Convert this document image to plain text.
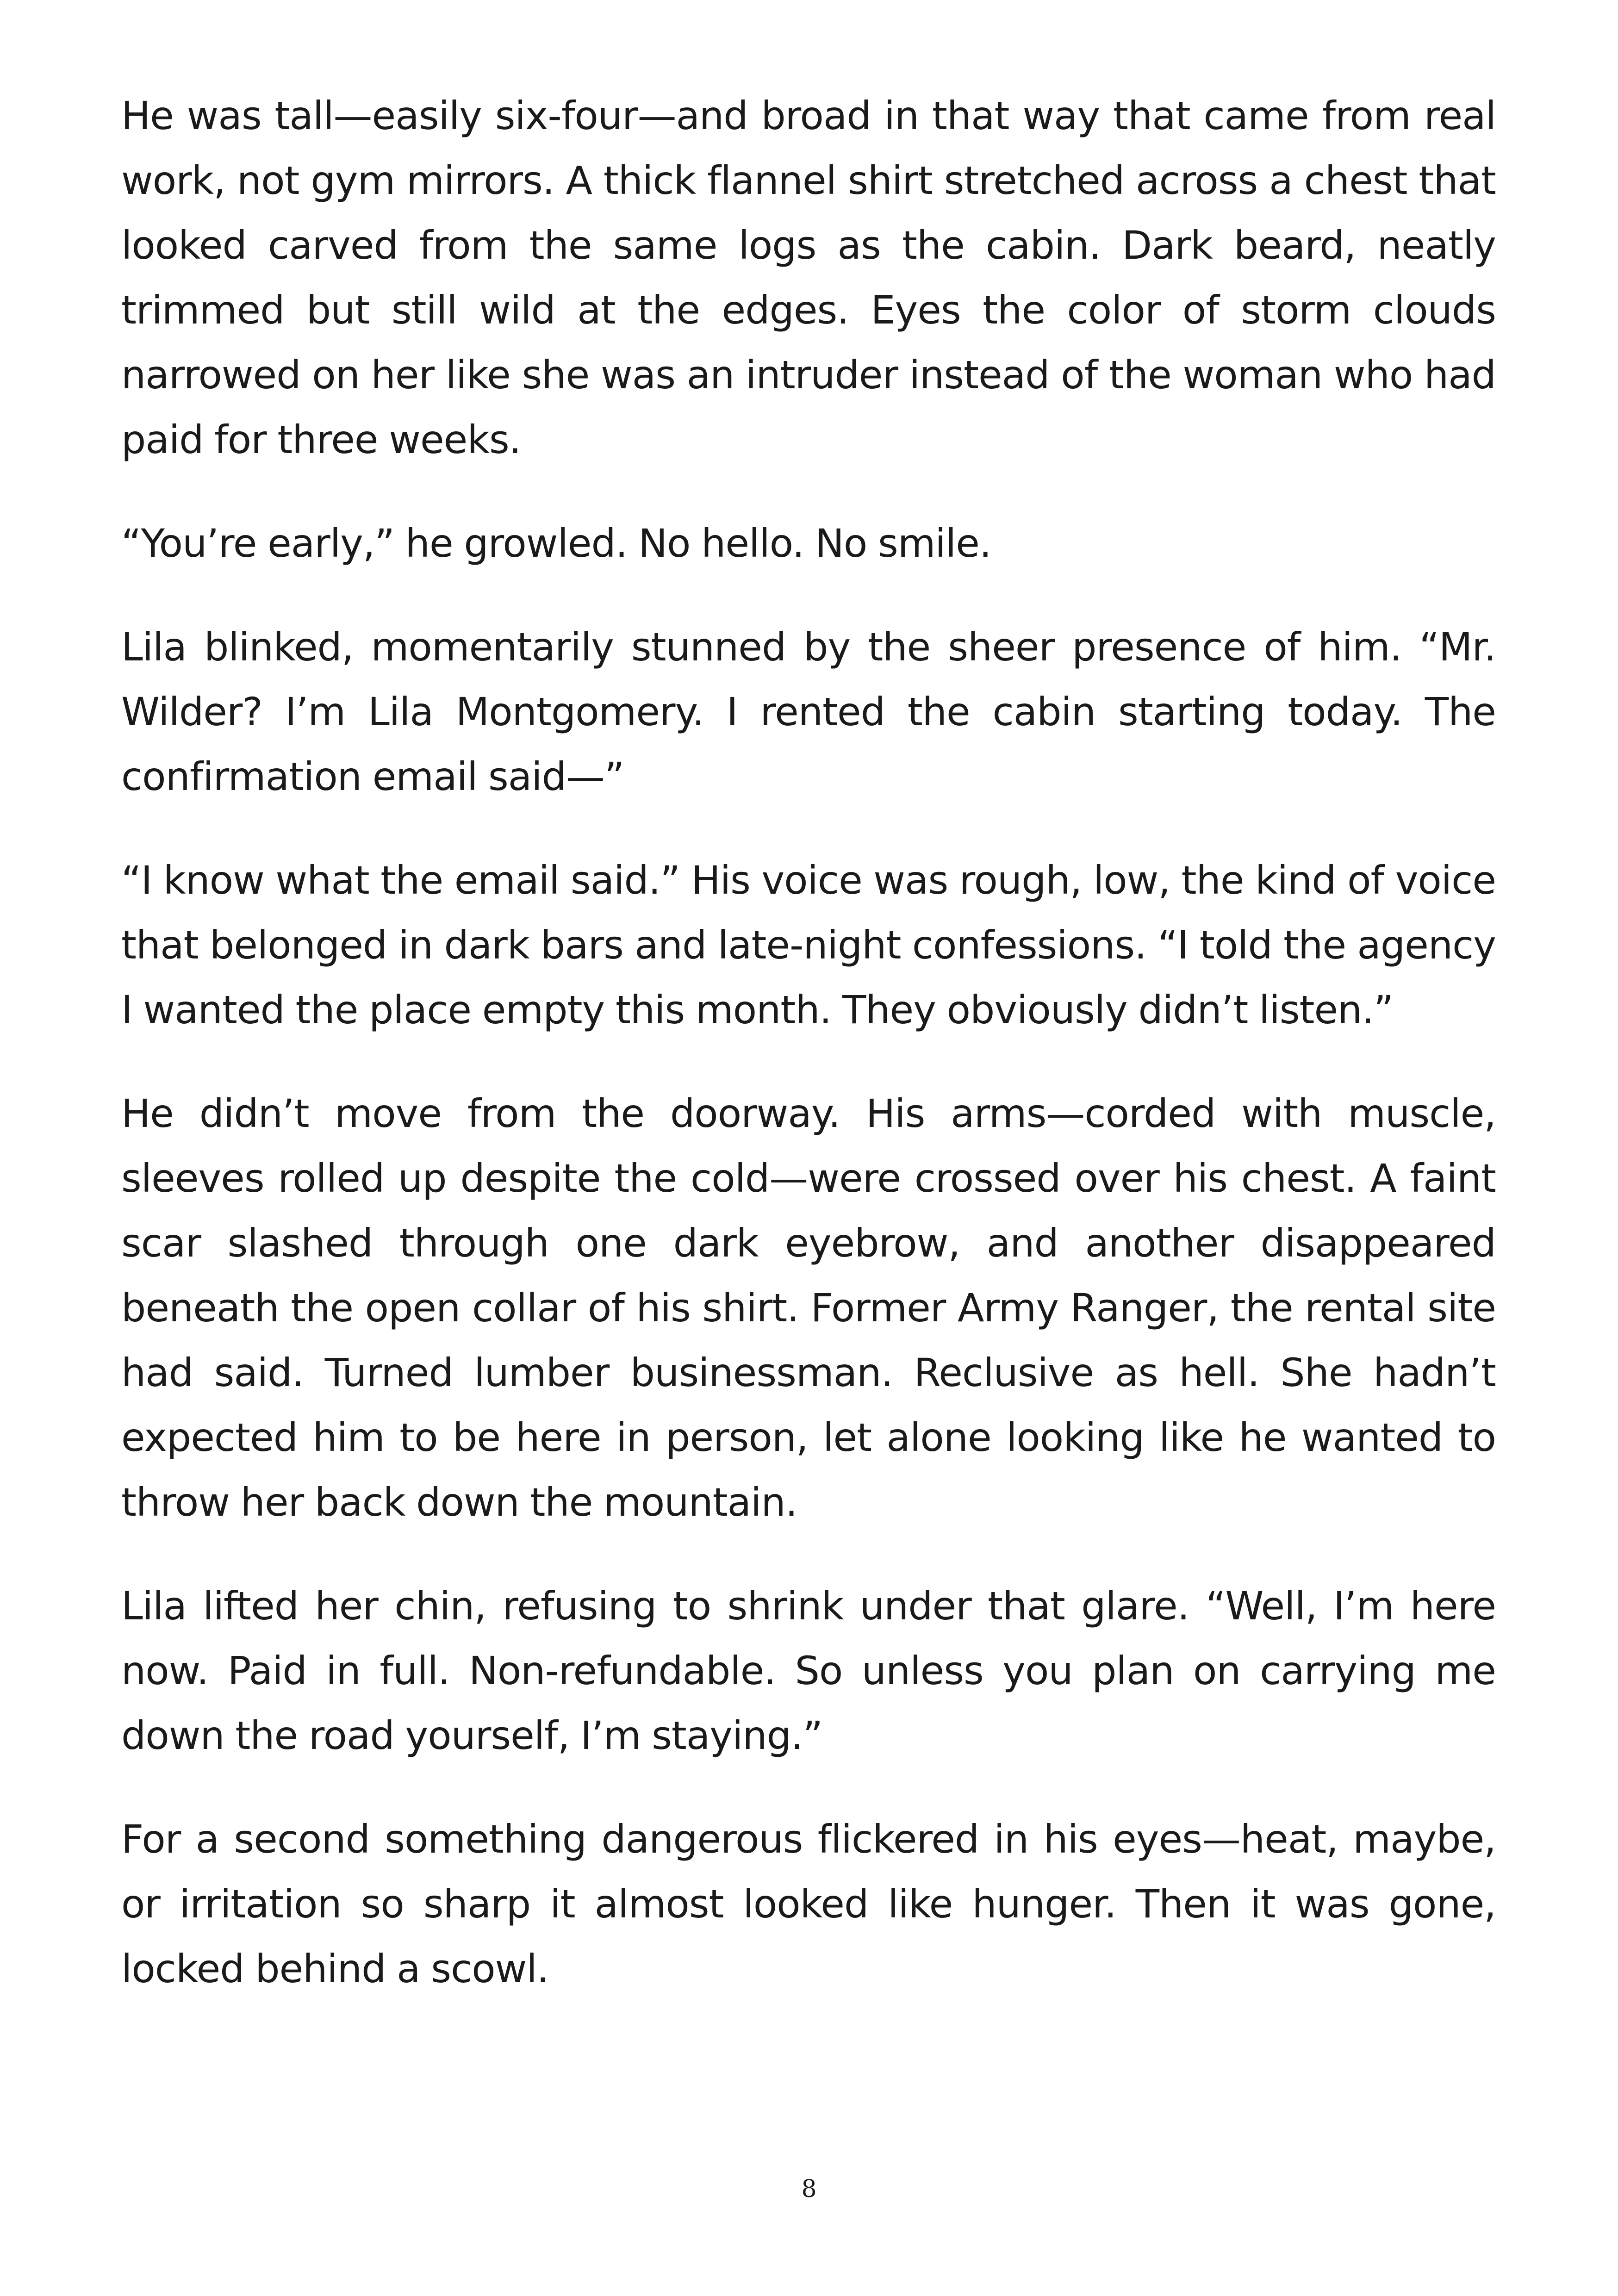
He was tall—easily six-four—and broad in that way that came from real work, not gym mirrors. A thick flannel shirt stretched across a chest that looked carved from the same logs as the cabin. Dark beard, neatly trimmed but still wild at the edges. Eyes the color of storm clouds narrowed on her like she was an intruder instead of the woman who had paid for three weeks.

“You’re early,” he growled. No hello. No smile.

Lila blinked, momentarily stunned by the sheer presence of him. “Mr. Wilder? I’m Lila Montgomery. I rented the cabin starting today. The confirmation email said—”

“I know what the email said.” His voice was rough, low, the kind of voice that belonged in dark bars and late-night confessions. “I told the agency I wanted the place empty this month. They obviously didn’t listen.”

He didn’t move from the doorway. His arms—corded with muscle, sleeves rolled up despite the cold—were crossed over his chest. A faint scar slashed through one dark eyebrow, and another disappeared beneath the open collar of his shirt. Former Army Ranger, the rental site had said. Turned lumber businessman. Reclusive as hell. She hadn’t expected him to be here in person, let alone looking like he wanted to throw her back down the mountain.

Lila lifted her chin, refusing to shrink under that glare. “Well, I’m here now. Paid in full. Non-refundable. So unless you plan on carrying me down the road yourself, I’m staying.”

For a second something dangerous flickered in his eyes—heat, maybe, or irritation so sharp it almost looked like hunger. Then it was gone, locked behind a scowl.

8
